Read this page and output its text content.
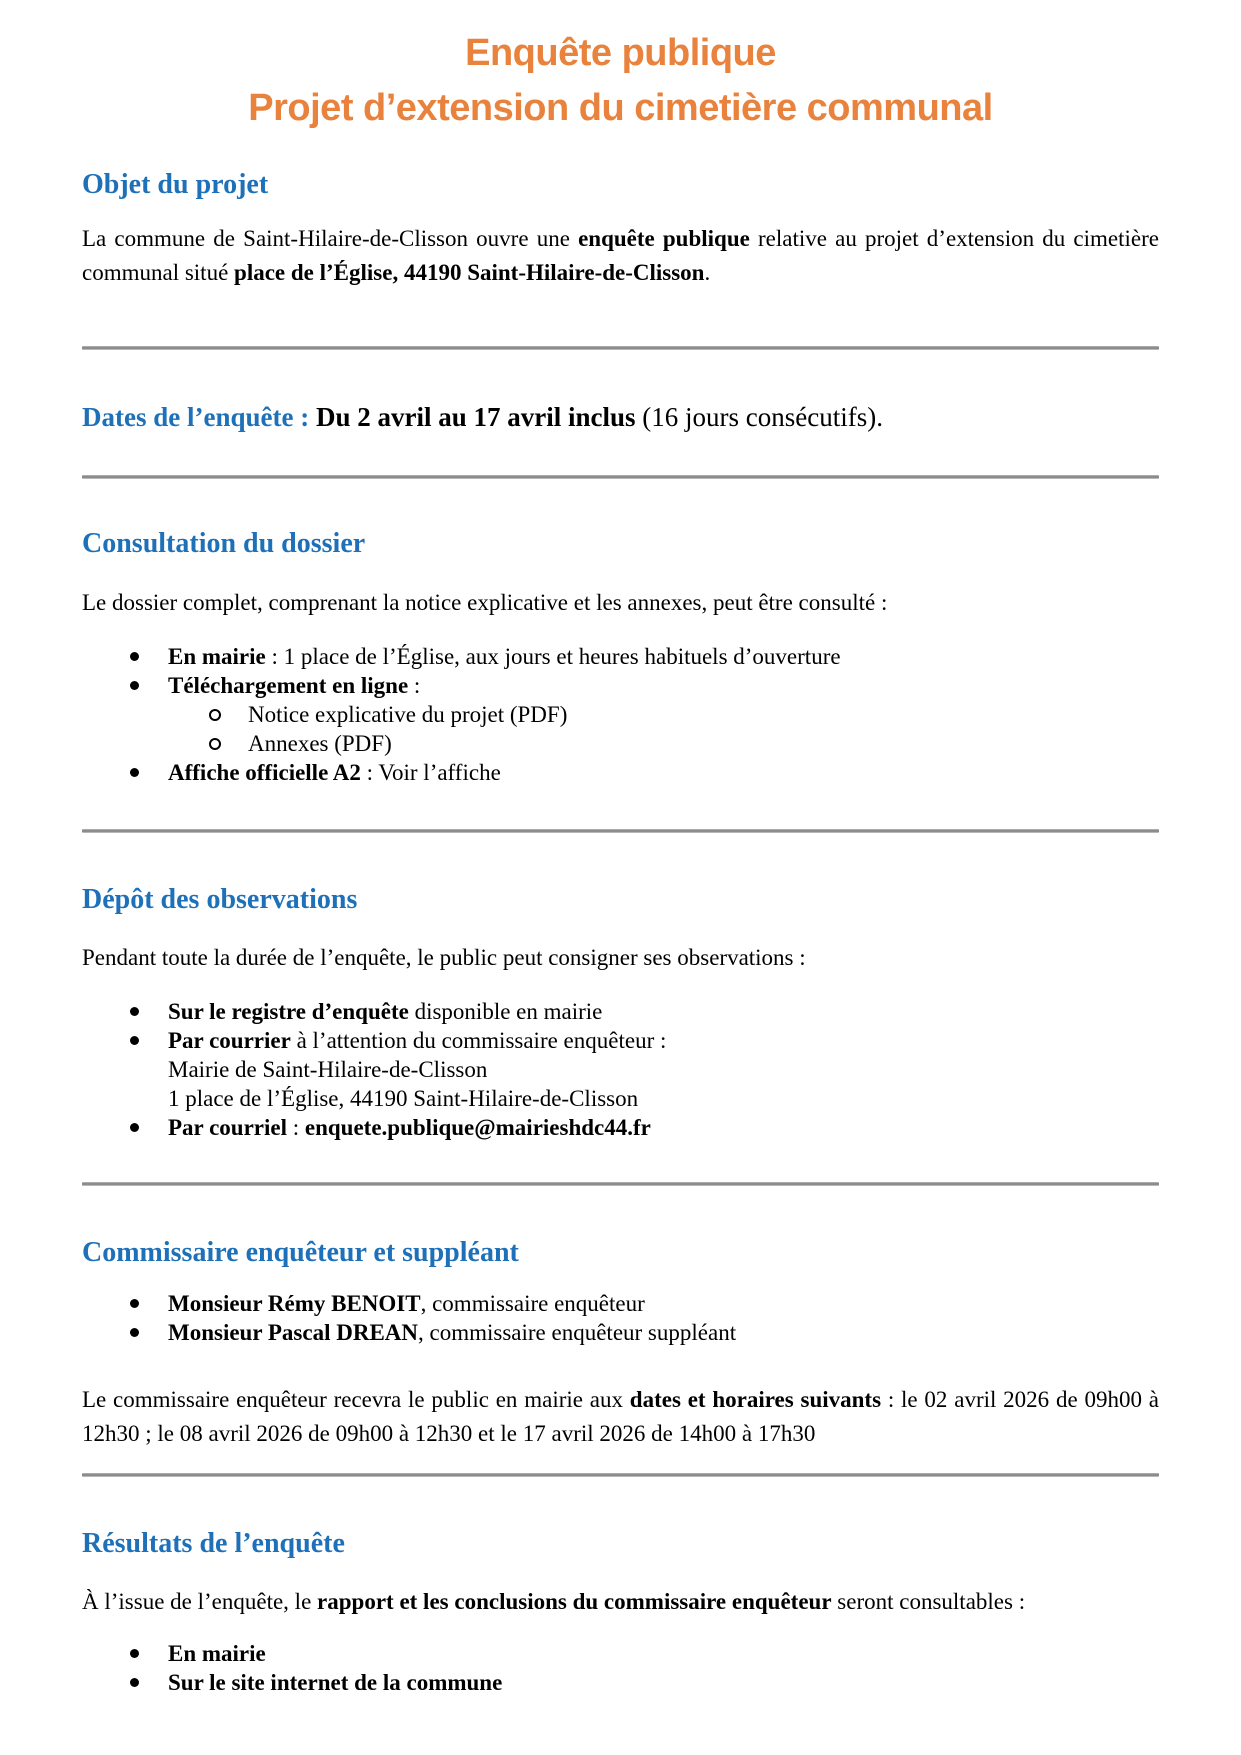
Enquête publique
Projet d’extension du cimetière communal
Objet du projet

La commune de Saint-Hilaire-de-Clisson ouvre une enquête publique relative au projet d’extension du cimetière communal situé place de l’Église, 44190 Saint-Hilaire-de-Clisson.

Dates de l’enquête : Du 2 avril au 17 avril inclus (16 jours consécutifs).
Consultation du dossier

Le dossier complet, comprenant la notice explicative et les annexes, peut être consulté :

En mairie : 1 place de l’Église, aux jours et heures habituels d’ouverture
Téléchargement en ligne :
Notice explicative du projet (PDF)
Annexes (PDF)
Affiche officielle A2 : Voir l’affiche
Dépôt des observations

Pendant toute la durée de l’enquête, le public peut consigner ses observations :

Sur le registre d’enquête disponible en mairie
Par courrier à l’attention du commissaire enquêteur :
Mairie de Saint-Hilaire-de-Clisson
1 place de l’Église, 44190 Saint-Hilaire-de-Clisson
Par courriel : enquete.publique@mairieshdc44.fr
Commissaire enquêteur et suppléant
Monsieur Rémy BENOIT, commissaire enquêteur
Monsieur Pascal DREAN, commissaire enquêteur suppléant

Le commissaire enquêteur recevra le public en mairie aux dates et horaires suivants : le 02 avril 2026 de 09h00 à 12h30 ; le 08 avril 2026 de 09h00 à 12h30 et le 17 avril 2026 de 14h00 à 17h30

Résultats de l’enquête

À l’issue de l’enquête, le rapport et les conclusions du commissaire enquêteur seront consultables :

En mairie
Sur le site internet de la commune
